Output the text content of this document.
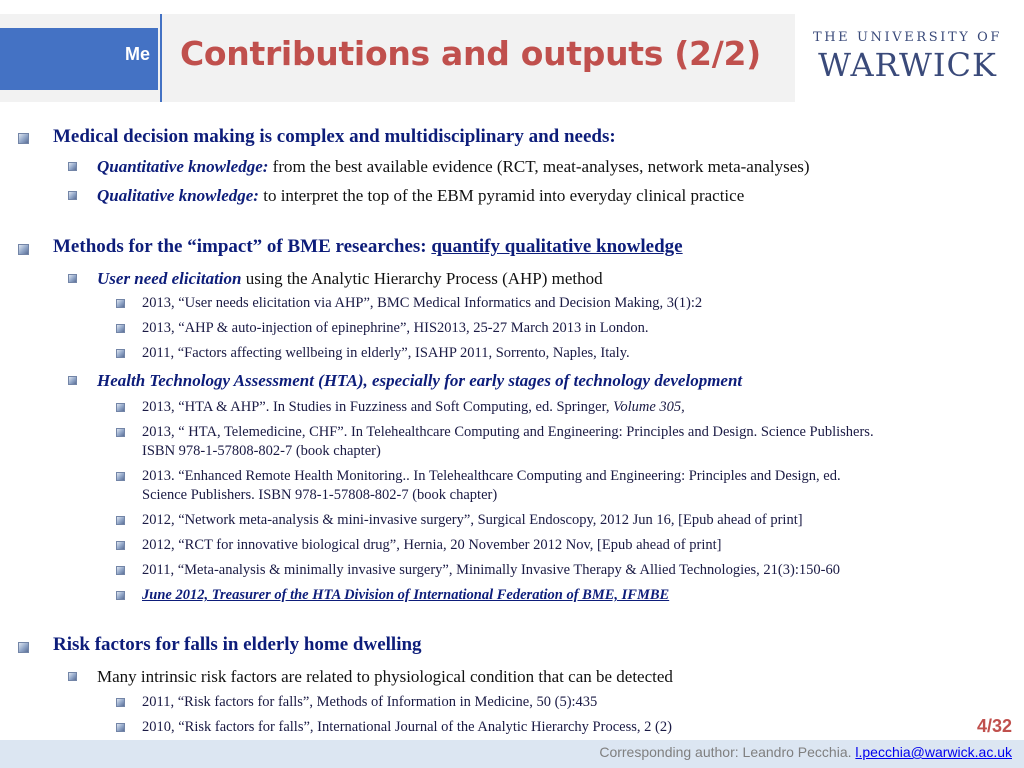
Me Contributions and outputs (2/2)	THE UNIVERSITY OF
WARWICK
Medical decision making is complex and multidisciplinary and needs:
Quantitative knowledge: from the best available evidence (RCT, meat-analyses, network meta-analyses)
Qualitative knowledge: to interpret the top of the EBM pyramid into everyday clinical practice
Methods for the “impact” of BME researches: quantify qualitative knowledge
User need elicitation using the Analytic Hierarchy Process (AHP) method
2013, “User needs elicitation via AHP”, BMC Medical Informatics and Decision Making, 3(1):2
2013, “AHP & auto-injection of epinephrine”, HIS2013, 25-27 March 2013 in London.
2011, “Factors affecting wellbeing in elderly”, ISAHP 2011, Sorrento, Naples, Italy.
Health Technology Assessment (HTA), especially for early stages of technology development
2013, “HTA & AHP”. In Studies in Fuzziness and Soft Computing, ed. Springer, Volume 305,
2013, “ HTA, Telemedicine, CHF”. In Telehealthcare Computing and Engineering: Principles and Design. Science Publishers.
ISBN 978-1-57808-802-7 (book chapter)
2013. “Enhanced Remote Health Monitoring.. In Telehealthcare Computing and Engineering: Principles and Design, ed.
Science Publishers. ISBN 978-1-57808-802-7 (book chapter)
2012, “Network meta-analysis & mini-invasive surgery”, Surgical Endoscopy, 2012 Jun 16, [Epub ahead of print]
2012, “RCT for innovative biological drug”, Hernia, 20 November 2012 Nov, [Epub ahead of print]
2011, “Meta-analysis & minimally invasive surgery”, Minimally Invasive Therapy & Allied Technologies, 21(3):150-60
June 2012, Treasurer of the HTA Division of International Federation of BME, IFMBE
Risk factors for falls in elderly home dwelling
Many intrinsic risk factors are related to physiological condition that can be detected
2011, “Risk factors for falls”, Methods of Information in Medicine, 50 (5):435
2010, “Risk factors for falls”, International Journal of the Analytic Hierarchy Process, 2 (2)	4/32
Corresponding author: Leandro Pecchia. l.pecchia@warwick.ac.uk
